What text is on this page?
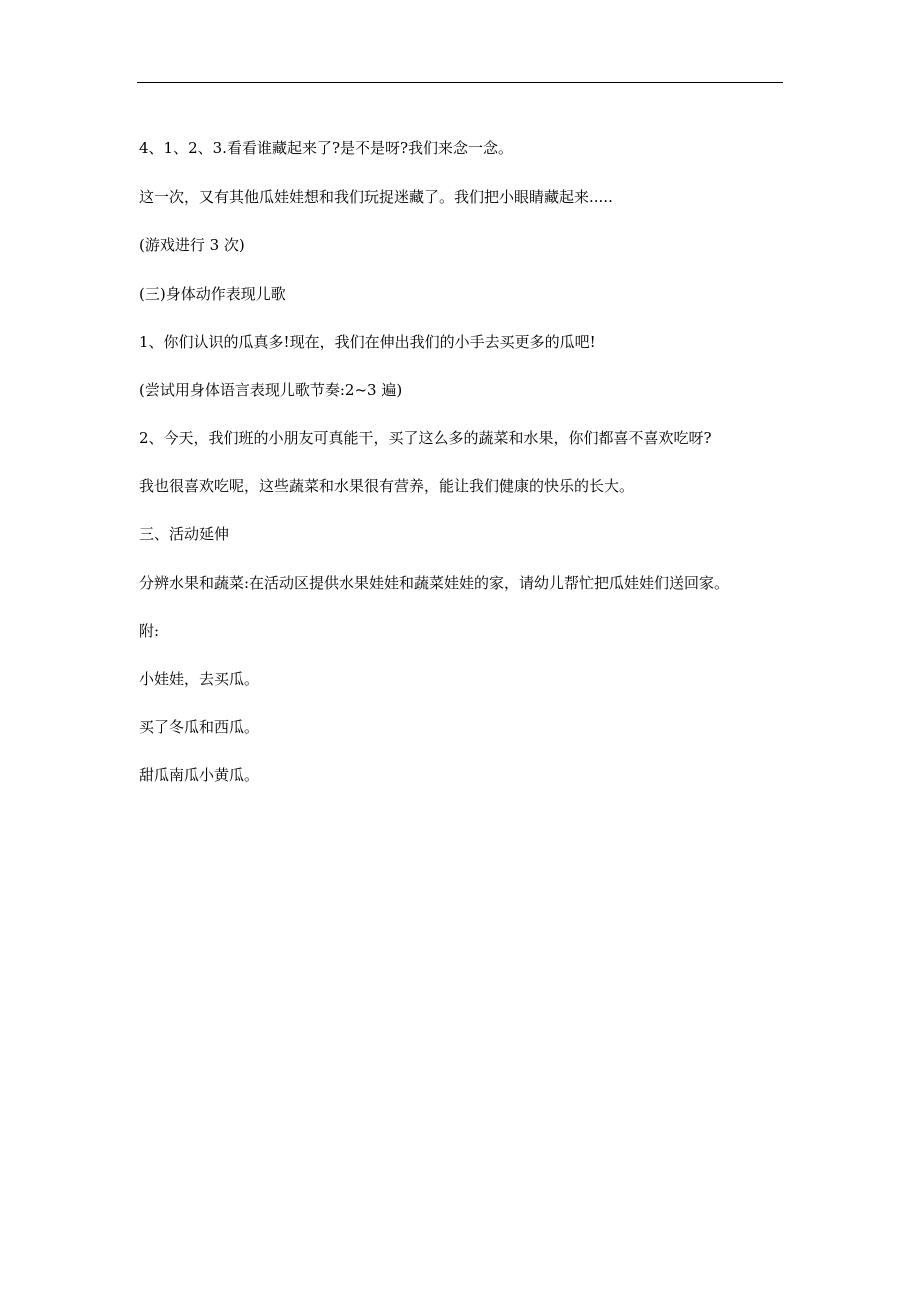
4、1、2、3.看看谁藏起来了?是不是呀?我们来念一念。
这一次，又有其他瓜娃娃想和我们玩捉迷藏了。我们把小眼睛藏起来.....
(游戏进行 3 次)
(三)身体动作表现儿歌
1、你们认识的瓜真多!现在，我们在伸出我们的小手去买更多的瓜吧!
(尝试用身体语言表现儿歌节奏:2~3 遍)
2、今天，我们班的小朋友可真能干，买了这么多的蔬菜和水果，你们都喜不喜欢吃呀?
我也很喜欢吃呢，这些蔬菜和水果很有营养，能让我们健康的快乐的长大。
三、活动延伸
分辨水果和蔬菜:在活动区提供水果娃娃和蔬菜娃娃的家，请幼儿帮忙把瓜娃娃们送回家。
附:
小娃娃，去买瓜。
买了冬瓜和西瓜。
甜瓜南瓜小黄瓜。
